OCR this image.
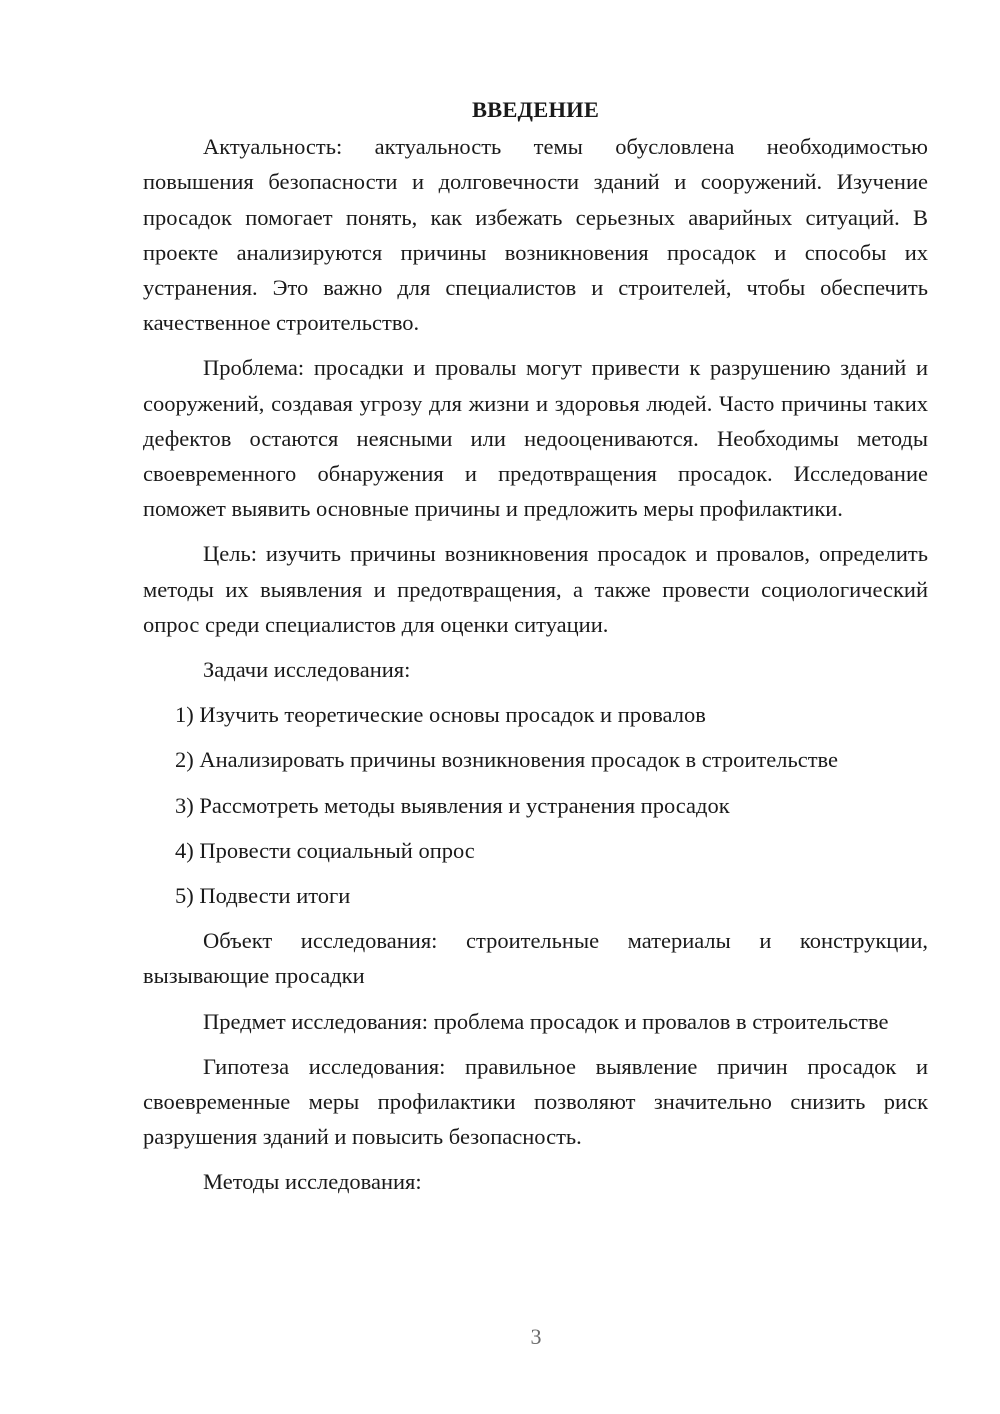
ВВЕДЕНИЕ

Актуальность: актуальность темы обусловлена необходимостью повышения безопасности и долговечности зданий и сооружений. Изучение просадок помогает понять, как избежать серьезных аварийных ситуаций. В проекте анализируются причины возникновения просадок и способы их устранения. Это важно для специалистов и строителей, чтобы обеспечить качественное строительство.

Проблема: просадки и провалы могут привести к разрушению зданий и сооружений, создавая угрозу для жизни и здоровья людей. Часто причины таких дефектов остаются неясными или недооцениваются. Необходимы методы своевременного обнаружения и предотвращения просадок. Исследование поможет выявить основные причины и предложить меры профилактики.

Цель: изучить причины возникновения просадок и провалов, определить методы их выявления и предотвращения, а также провести социологический опрос среди специалистов для оценки ситуации.

Задачи исследования:

1) Изучить теоретические основы просадок и провалов

2) Анализировать причины возникновения просадок в строительстве

3) Рассмотреть методы выявления и устранения просадок

4) Провести социальный опрос

5) Подвести итоги

Объект исследования: строительные материалы и конструкции, вызывающие просадки

Предмет исследования: проблема просадок и провалов в строительстве

Гипотеза исследования: правильное выявление причин просадок и своевременные меры профилактики позволяют значительно снизить риск разрушения зданий и повысить безопасность.

Методы исследования:

3
